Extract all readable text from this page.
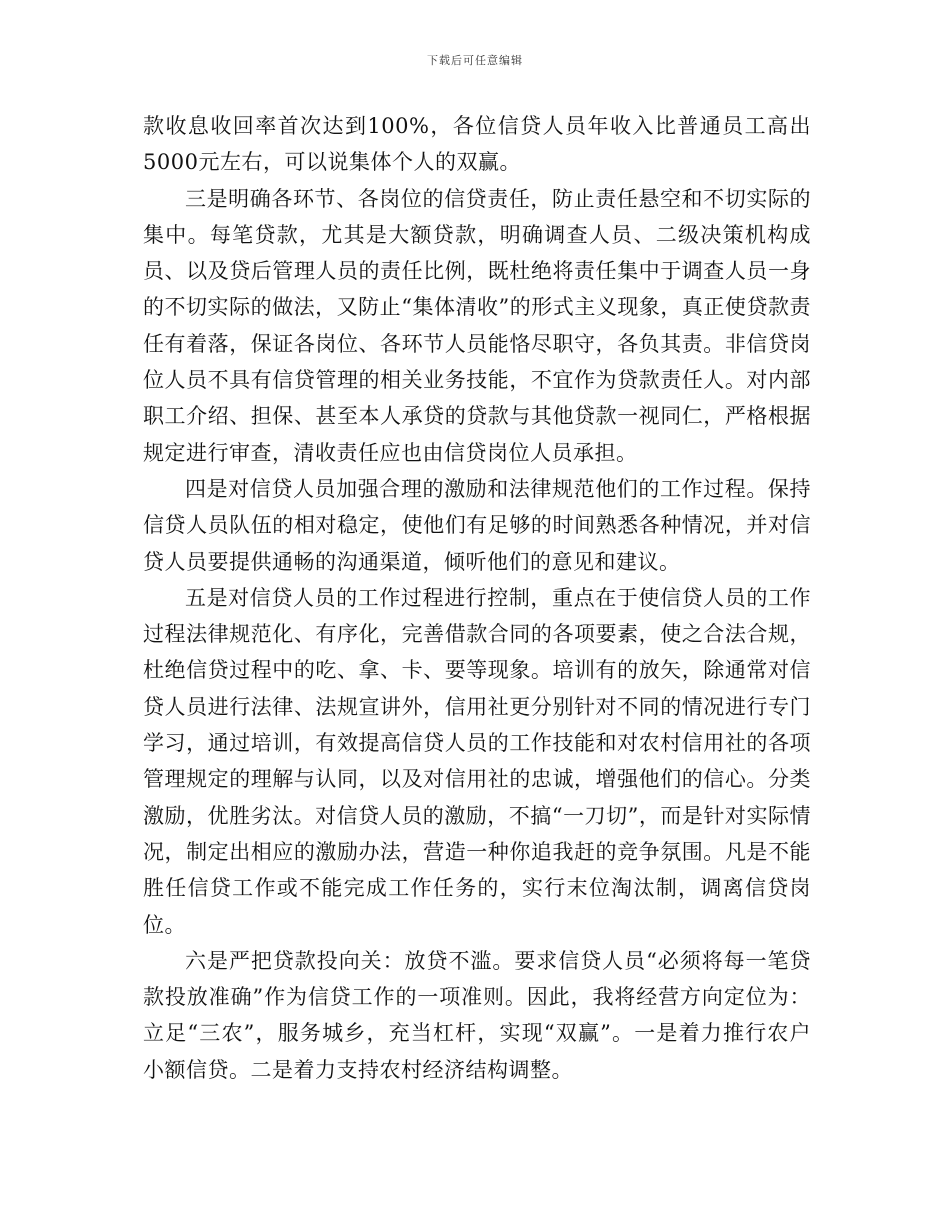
下载后可任意编辑

款收息收回率首次达到100%，各位信贷人员年收入比普通员工高出5000元左右，可以说集体个人的双赢。

三是明确各环节、各岗位的信贷责任，防止责任悬空和不切实际的集中。每笔贷款，尤其是大额贷款，明确调查人员、二级决策机构成员、以及贷后管理人员的责任比例，既杜绝将责任集中于调查人员一身的不切实际的做法，又防止“集体清收”的形式主义现象，真正使贷款责任有着落，保证各岗位、各环节人员能恪尽职守，各负其责。非信贷岗位人员不具有信贷管理的相关业务技能，不宜作为贷款责任人。对内部职工介绍、担保、甚至本人承贷的贷款与其他贷款一视同仁，严格根据规定进行审查，清收责任应也由信贷岗位人员承担。

四是对信贷人员加强合理的激励和法律规范他们的工作过程。保持信贷人员队伍的相对稳定，使他们有足够的时间熟悉各种情况，并对信贷人员要提供通畅的沟通渠道，倾听他们的意见和建议。

五是对信贷人员的工作过程进行控制，重点在于使信贷人员的工作过程法律规范化、有序化，完善借款合同的各项要素，使之合法合规，杜绝信贷过程中的吃、拿、卡、要等现象。培训有的放矢，除通常对信贷人员进行法律、法规宣讲外，信用社更分别针对不同的情况进行专门学习，通过培训，有效提高信贷人员的工作技能和对农村信用社的各项管理规定的理解与认同，以及对信用社的忠诚，增强他们的信心。分类激励，优胜劣汰。对信贷人员的激励，不搞“一刀切”，而是针对实际情况，制定出相应的激励办法，营造一种你追我赶的竞争氛围。凡是不能胜任信贷工作或不能完成工作任务的，实行末位淘汰制，调离信贷岗位。

六是严把贷款投向关：放贷不滥。要求信贷人员“必须将每一笔贷款投放准确”作为信贷工作的一项准则。因此，我将经营方向定位为：立足“三农”，服务城乡，充当杠杆，实现“双赢”。一是着力推行农户小额信贷。二是着力支持农村经济结构调整。
